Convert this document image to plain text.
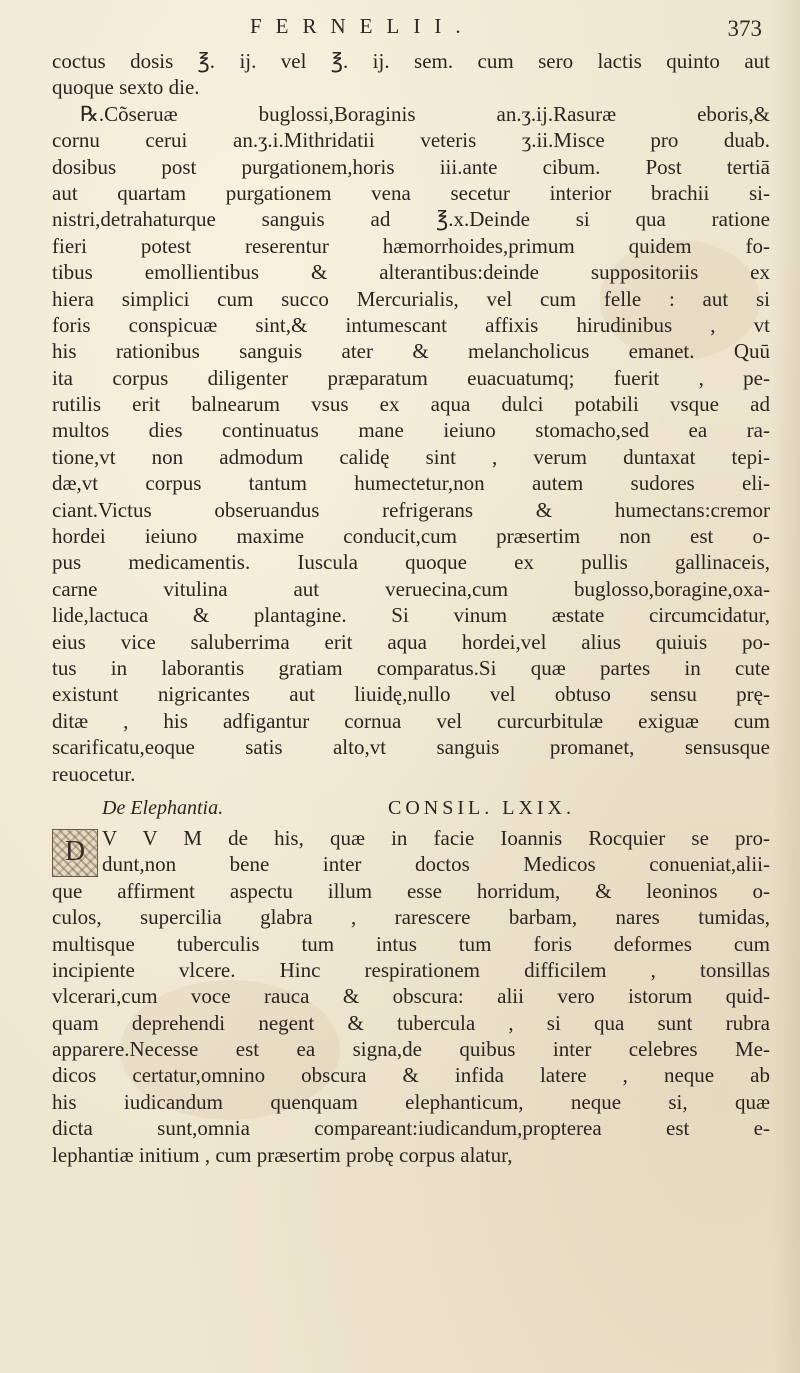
FERNELII.	373
coctus dosis ℥. ij. vel ℥. ij. sem. cum sero lactis quinto aut
quoque sexto die.
℞.Cõseruæ buglossi,Boraginis an.ʒ.ij.Rasuræ eboris,&
cornu cerui an.ʒ.i.Mithridatii veteris ʒ.ii.Misce pro duab.
dosibus post purgationem,horis iii.ante cibum. Post tertiā
aut quartam purgationem vena secetur interior brachii si-
nistri,detrahaturque sanguis ad ℥.x.Deinde si qua ratione
fieri potest reserentur hæmorrhoides,primum quidem fo-
tibus emollientibus & alterantibus:deinde suppositoriis ex
hiera simplici cum succo Mercurialis, vel cum felle : aut si
foris conspicuæ sint,& intumescant affixis hirudinibus , vt
his rationibus sanguis ater & melancholicus emanet. Quū
ita corpus diligenter præparatum euacuatumq; fuerit , pe-
rutilis erit balnearum vsus ex aqua dulci potabili vsque ad
multos dies continuatus mane ieiuno stomacho,sed ea ra-
tione,vt non admodum calidę sint , verum duntaxat tepi-
dæ,vt corpus tantum humectetur,non autem sudores eli-
ciant.Victus obseruandus refrigerans & humectans:cremor
hordei ieiuno maxime conducit,cum præsertim non est o-
pus medicamentis. Iuscula quoque ex pullis gallinaceis,
carne vitulina aut veruecina,cum buglosso,boragine,oxa-
lide,lactuca & plantagine. Si vinum æstate circumcidatur,
eius vice saluberrima erit aqua hordei,vel alius quiuis po-
tus in laborantis gratiam comparatus.Si quæ partes in cute
existunt nigricantes aut liuidę,nullo vel obtuso sensu prę-
ditæ , his adfigantur cornua vel curcurbitulæ exiguæ cum
scarificatu,eoque satis alto,vt sanguis promanet, sensusque
reuocetur.
De Elephantia.	CONSIL. LXIX.
D V V M de his, quæ in facie Ioannis Rocquier se pro-
dunt,non bene inter doctos Medicos conueniat,alii-
que affirment aspectu illum esse horridum, & leoninos o-
culos, supercilia glabra , rarescere barbam, nares tumidas,
multisque tuberculis tum intus tum foris deformes cum
incipiente vlcere. Hinc respirationem difficilem , tonsillas
vlcerari,cum voce rauca & obscura: alii vero istorum quid-
quam deprehendi negent & tubercula , si qua sunt rubra
apparere.Necesse est ea signa,de quibus inter celebres Me-
dicos certatur,omnino obscura & infida latere , neque ab
his iudicandum quenquam elephanticum, neque si, quæ
dicta sunt,omnia compareant:iudicandum,propterea est e-
lephantiæ initium , cum præsertim probę corpus alatur,
